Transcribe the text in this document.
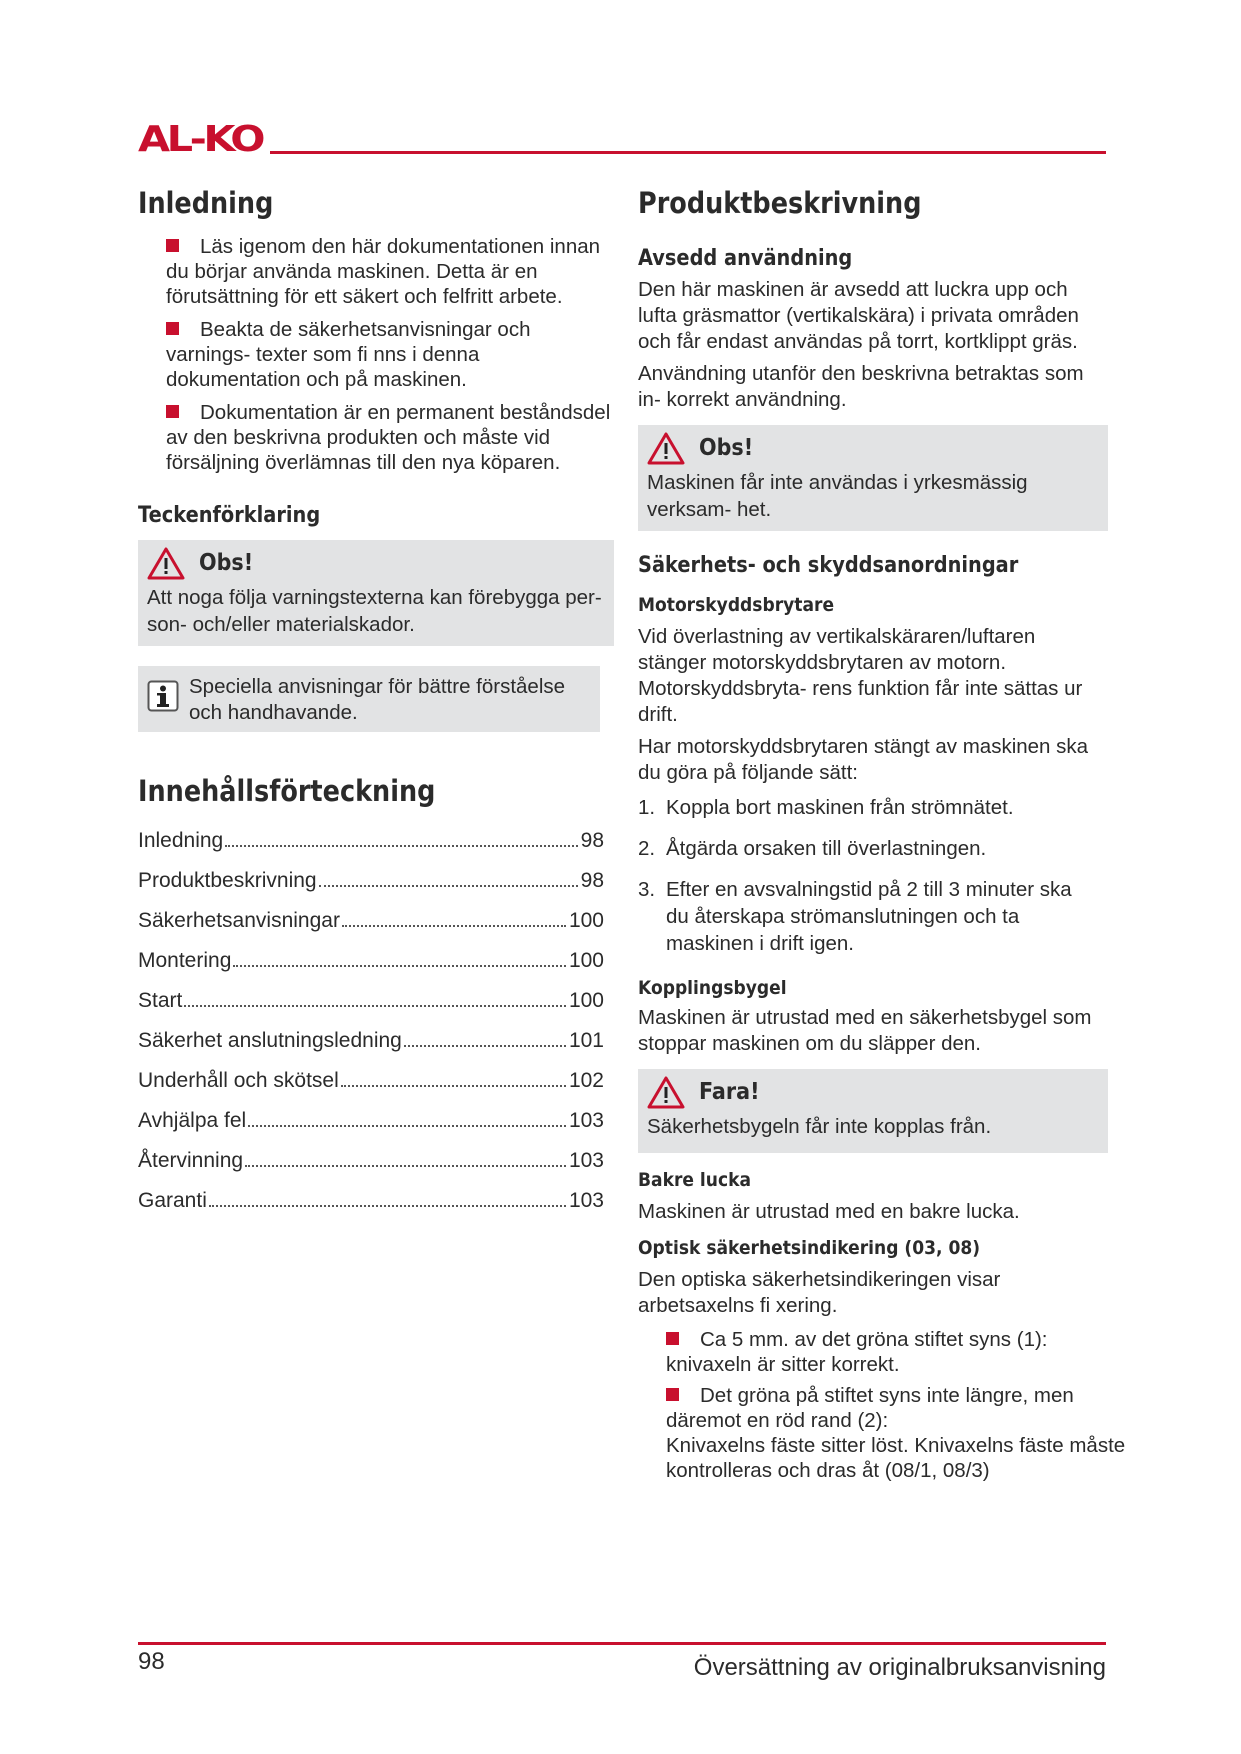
AL-KO
Inledning
Läs igenom den här dokumentationen innan du börjar använda maskinen. Detta är en förutsättning för ett säkert och felfritt arbete.
Beakta de säkerhetsanvisningar och varnings- texter som fi nns i denna dokumentation och på maskinen.
Dokumentation är en permanent beståndsdel av den beskrivna produkten och måste vid försäljning överlämnas till den nya köparen.
Teckenförklaring
Obs!

Att noga följa varningstexterna kan förebygga per- son- och/eller materialskador.

Speciella anvisningar för bättre förståelse och handhavande.

Innehållsförteckning
Inledning	98
Produktbeskrivning	98
Säkerhetsanvisningar	100
Montering	100
Start	100
Säkerhet anslutningsledning	101
Underhåll och skötsel	102
Avhjälpa fel	103
Återvinning	103
Garanti	103
Produktbeskrivning
Avsedd användning

Den här maskinen är avsedd att luckra upp och lufta gräsmattor (vertikalskära) i privata områden och får endast användas på torrt, kortklippt gräs.

Användning utanför den beskrivna betraktas som in- korrekt användning.

Obs!

Maskinen får inte användas i yrkesmässig verksam- het.

Säkerhets- och skyddsanordningar
Motorskyddsbrytare

Vid överlastning av vertikalskäraren/luftaren stänger motorskyddsbrytaren av motorn. Motorskyddsbryta- rens funktion får inte sättas ur drift.

Har motorskyddsbrytaren stängt av maskinen ska du göra på följande sätt:

1. Koppla bort maskinen från strömnätet.
2. Åtgärda orsaken till överlastningen.
3. Efter en avsvalningstid på 2 till 3 minuter ska du återskapa strömanslutningen och ta maskinen i drift igen.
Kopplingsbygel

Maskinen är utrustad med en säkerhetsbygel som stoppar maskinen om du släpper den.

Fara!

Säkerhetsbygeln får inte kopplas från.

Bakre lucka

Maskinen är utrustad med en bakre lucka.

Optisk säkerhetsindikering (03, 08)

Den optiska säkerhetsindikeringen visar arbetsaxelns fi xering.

Ca 5 mm. av det gröna stiftet syns (1): knivaxeln är sitter korrekt.
Det gröna på stiftet syns inte längre, men däremot en röd rand (2):
Knivaxelns fäste sitter löst. Knivaxelns fäste måste kontrolleras och dras åt (08/1, 08/3)
98	Översättning av originalbruksanvisning
